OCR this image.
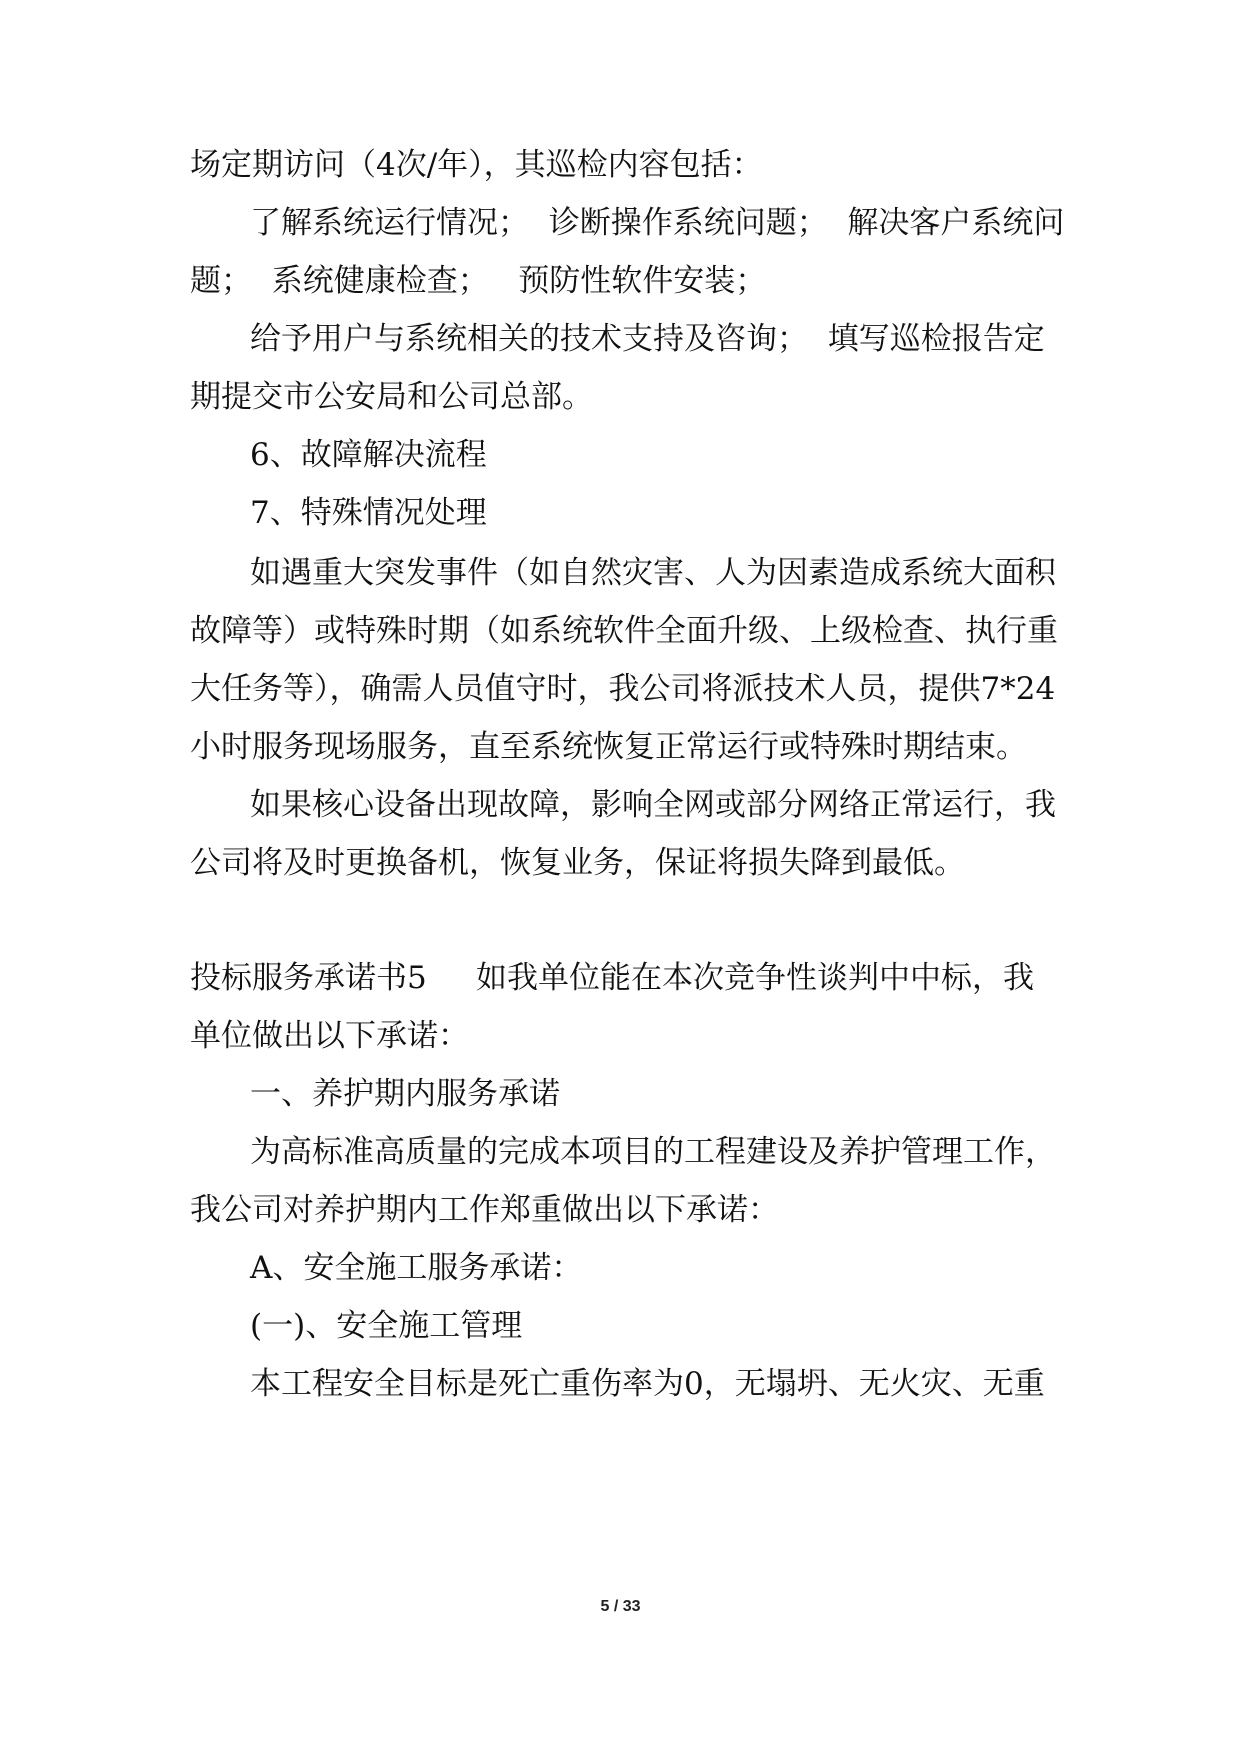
场定期访问（4次/年），其巡检内容包括：

了解系统运行情况；  诊断操作系统问题；  解决客户系统问

题；  系统健康检查；   预防性软件安装；

给予用户与系统相关的技术支持及咨询；  填写巡检报告定

期提交市公安局和公司总部。

6、故障解决流程

7、特殊情况处理

如遇重大突发事件（如自然灾害、人为因素造成系统大面积

故障等）或特殊时期（如系统软件全面升级、上级检查、执行重

大任务等），确需人员值守时，我公司将派技术人员，提供7*24

小时服务现场服务，直至系统恢复正常运行或特殊时期结束。

如果核心设备出现故障，影响全网或部分网络正常运行，我

公司将及时更换备机，恢复业务，保证将损失降到最低。

投标服务承诺书5     如我单位能在本次竞争性谈判中中标，我

单位做出以下承诺：

一、养护期内服务承诺

为高标准高质量的完成本项目的工程建设及养护管理工作，

我公司对养护期内工作郑重做出以下承诺：

A、安全施工服务承诺：

(一)、安全施工管理

本工程安全目标是死亡重伤率为0，无塌坍、无火灾、无重

5 / 33
